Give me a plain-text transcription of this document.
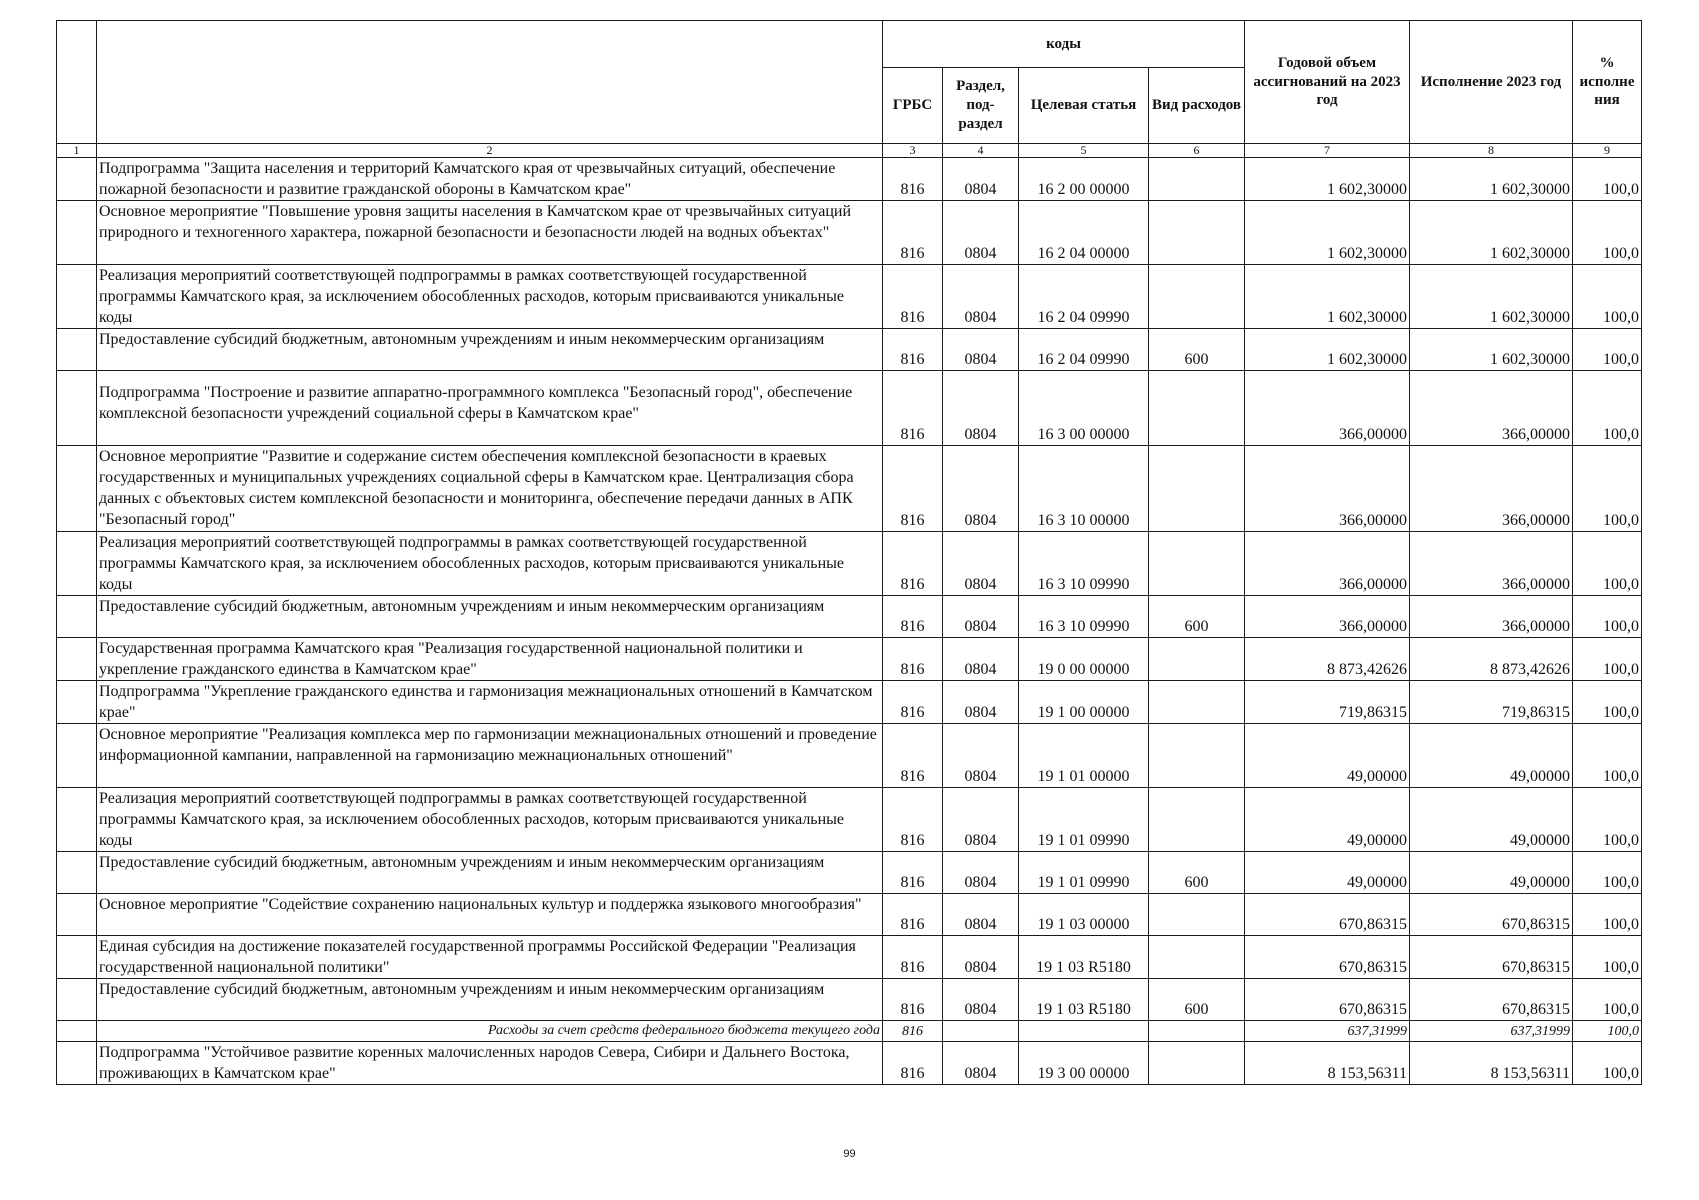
		коды				Годовой объем ассигнований на 2023 год	Исполнение 2023 год	% исполне ния
		ГРБС	Раздел, под-раздел	Целевая статья	Вид расходов			
1	2	3	4	5	6	7	8	9
	Подпрограмма "Защита населения и территорий Камчатского края от чрезвычайных ситуаций, обеспечение пожарной безопасности и развитие гражданской обороны в Камчатском крае"	816	0804	16 2 00 00000		1 602,30000	1 602,30000	100,0
	Основное мероприятие "Повышение уровня защиты населения в Камчатском крае от чрезвычайных ситуаций природного и техногенного характера, пожарной безопасности и безопасности людей на водных объектах"	816	0804	16 2 04 00000		1 602,30000	1 602,30000	100,0
	Реализация мероприятий соответствующей подпрограммы в рамках соответствующей государственной программы Камчатского края, за исключением обособленных расходов, которым присваиваются уникальные коды	816	0804	16 2 04 09990		1 602,30000	1 602,30000	100,0
	Предоставление субсидий бюджетным, автономным учреждениям и иным некоммерческим организациям	816	0804	16 2 04 09990	600	1 602,30000	1 602,30000	100,0
	Подпрограмма "Построение и развитие аппаратно-программного комплекса "Безопасный город", обеспечение комплексной безопасности учреждений социальной сферы в Камчатском крае"	816	0804	16 3 00 00000		366,00000	366,00000	100,0
	Основное мероприятие "Развитие и содержание систем обеспечения комплексной безопасности в краевых государственных и муниципальных учреждениях социальной сферы в Камчатском крае. Централизация сбора данных с объектовых систем комплексной безопасности и мониторинга, обеспечение передачи данных в АПК "Безопасный город"	816	0804	16 3 10 00000		366,00000	366,00000	100,0
	Реализация мероприятий соответствующей подпрограммы в рамках соответствующей государственной программы Камчатского края, за исключением обособленных расходов, которым присваиваются уникальные коды	816	0804	16 3 10 09990		366,00000	366,00000	100,0
	Предоставление субсидий бюджетным, автономным учреждениям и иным некоммерческим организациям	816	0804	16 3 10 09990	600	366,00000	366,00000	100,0
	Государственная программа Камчатского края "Реализация государственной национальной политики и укрепление гражданского единства в Камчатском крае"	816	0804	19 0 00 00000		8 873,42626	8 873,42626	100,0
	Подпрограмма "Укрепление гражданского единства и гармонизация межнациональных отношений в Камчатском крае"	816	0804	19 1 00 00000		719,86315	719,86315	100,0
	Основное мероприятие "Реализация комплекса мер по гармонизации межнациональных отношений и проведение информационной кампании, направленной на гармонизацию межнациональных отношений"	816	0804	19 1 01 00000		49,00000	49,00000	100,0
	Реализация мероприятий соответствующей подпрограммы в рамках соответствующей государственной программы Камчатского края, за исключением обособленных расходов, которым присваиваются уникальные коды	816	0804	19 1 01 09990		49,00000	49,00000	100,0
	Предоставление субсидий бюджетным, автономным учреждениям и иным некоммерческим организациям	816	0804	19 1 01 09990	600	49,00000	49,00000	100,0
	Основное мероприятие "Содействие сохранению национальных культур и поддержка языкового многообразия"	816	0804	19 1 03 00000		670,86315	670,86315	100,0
	Единая субсидия на достижение показателей государственной программы Российской Федерации "Реализация государственной национальной политики"	816	0804	19 1 03 R5180		670,86315	670,86315	100,0
	Предоставление субсидий бюджетным, автономным учреждениям и иным некоммерческим организациям	816	0804	19 1 03 R5180	600	670,86315	670,86315	100,0
	Расходы за счет средств федерального бюджета текущего года	816				637,31999	637,31999	100,0
	Подпрограмма "Устойчивое развитие коренных малочисленных народов Севера, Сибири и Дальнего Востока, проживающих в Камчатском крае"	816	0804	19 3 00 00000		8 153,56311	8 153,56311	100,0
99
